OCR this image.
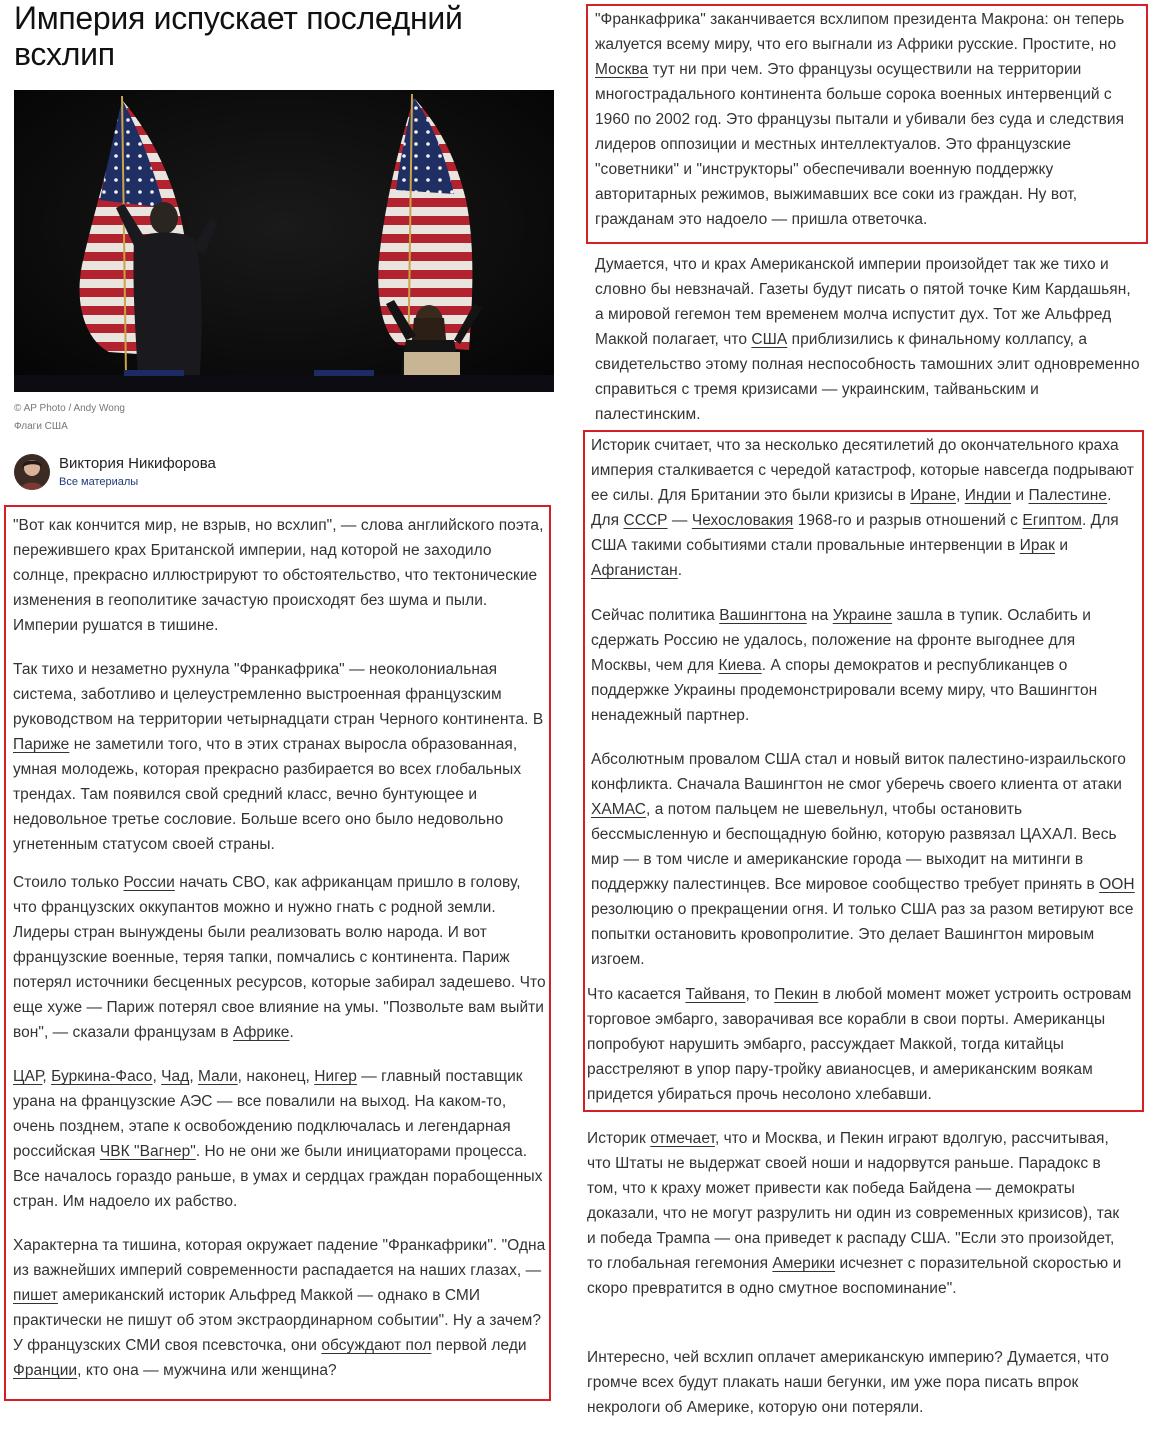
Империя испускает последний всхлип
© AP Photo / Andy Wong
Флаги США
Виктория Никифорова
Все материалы
"Вот как кончится мир, не взрыв, но всхлип", — слова английского поэта, пережившего крах Британской империи, над которой не заходило солнце, прекрасно иллюстрируют то обстоятельство, что тектонические изменения в геополитике зачастую происходят без шума и пыли. Империи рушатся в тишине.
Так тихо и незаметно рухнула "Франкафрика" — неоколониальная система, заботливо и целеустремленно выстроенная французским руководством на территории четырнадцати стран Черного континента. В Париже не заметили того, что в этих странах выросла образованная, умная молодежь, которая прекрасно разбирается во всех глобальных трендах. Там появился свой средний класс, вечно бунтующее и недовольное третье сословие. Больше всего оно было недовольно угнетенным статусом своей страны.
Стоило только России начать СВО, как африканцам пришло в голову, что французских оккупантов можно и нужно гнать с родной земли. Лидеры стран вынуждены были реализовать волю народа. И вот французские военные, теряя тапки, помчались с континента. Париж потерял источники бесценных ресурсов, которые забирал задешево. Что еще хуже — Париж потерял свое влияние на умы. "Позвольте вам выйти вон", — сказали французам в Африке.
ЦАР, Буркина-Фасо, Чад, Мали, наконец, Нигер — главный поставщик урана на французские АЭС — все повалили на выход. На каком-то, очень позднем, этапе к освобождению подключалась и легендарная российская ЧВК "Вагнер". Но не они же были инициаторами процесса. Все началось гораздо раньше, в умах и сердцах граждан порабощенных стран. Им надоело их рабство.
Характерна та тишина, которая окружает падение "Франкафрики". "Одна из важнейших империй современности распадается на наших глазах, — пишет американский историк Альфред Маккой — однако в СМИ практически не пишут об этом экстраординарном событии". Ну а зачем? У французских СМИ своя псевсточка, они обсуждают пол первой леди Франции, кто она — мужчина или женщина?
"Франкафрика" заканчивается всхлипом президента Макрона: он теперь жалуется всему миру, что его выгнали из Африки русские. Простите, но Москва тут ни при чем. Это французы осуществили на территории многострадального континента больше сорока военных интервенций с 1960 по 2002 год. Это французы пытали и убивали без суда и следствия лидеров оппозиции и местных интеллектуалов. Это французские "советники" и "инструкторы" обеспечивали военную поддержку авторитарных режимов, выжимавших все соки из граждан. Ну вот, гражданам это надоело — пришла ответочка.
Думается, что и крах Американской империи произойдет так же тихо и словно бы невзначай. Газеты будут писать о пятой точке Ким Кардашьян, а мировой гегемон тем временем молча испустит дух. Тот же Альфред Маккой полагает, что США приблизились к финальному коллапсу, а свидетельство этому полная неспособность тамошних элит одновременно справиться с тремя кризисами — украинским, тайваньским и палестинским.
Историк считает, что за несколько десятилетий до окончательного краха империя сталкивается с чередой катастроф, которые навсегда подрывают ее силы. Для Британии это были кризисы в Иране, Индии и Палестине. Для СССР — Чехословакия 1968-го и разрыв отношений с Египтом. Для США такими событиями стали провальные интервенции в Ирак и Афганистан.
Сейчас политика Вашингтона на Украине зашла в тупик. Ослабить и сдержать Россию не удалось, положение на фронте выгоднее для Москвы, чем для Киева. А споры демократов и республиканцев о поддержке Украины продемонстрировали всему миру, что Вашингтон ненадежный партнер.
Абсолютным провалом США стал и новый виток палестино-израильского конфликта. Сначала Вашингтон не смог уберечь своего клиента от атаки ХАМАС, а потом пальцем не шевельнул, чтобы остановить бессмысленную и беспощадную бойню, которую развязал ЦАХАЛ. Весь мир — в том числе и американские города — выходит на митинги в поддержку палестинцев. Все мировое сообщество требует принять в ООН резолюцию о прекращении огня. И только США раз за разом ветируют все попытки остановить кровопролитие. Это делает Вашингтон мировым изгоем.
Что касается Тайваня, то Пекин в любой момент может устроить островам торговое эмбарго, заворачивая все корабли в свои порты. Американцы попробуют нарушить эмбарго, рассуждает Маккой, тогда китайцы расстреляют в упор пару-тройку авианосцев, и американским воякам придется убираться прочь несолоно хлебавши.
Историк отмечает, что и Москва, и Пекин играют вдолгую, рассчитывая, что Штаты не выдержат своей ноши и надорвутся раньше. Парадокс в том, что к краху может привести как победа Байдена — демократы доказали, что не могут разрулить ни один из современных кризисов), так и победа Трампа — она приведет к распаду США. "Если это произойдет, то глобальная гегемония Америки исчезнет с поразительной скоростью и скоро превратится в одно смутное воспоминание".
Интересно, чей всхлип оплачет американскую империю? Думается, что громче всех будут плакать наши бегунки, им уже пора писать впрок некрологи об Америке, которую они потеряли.
